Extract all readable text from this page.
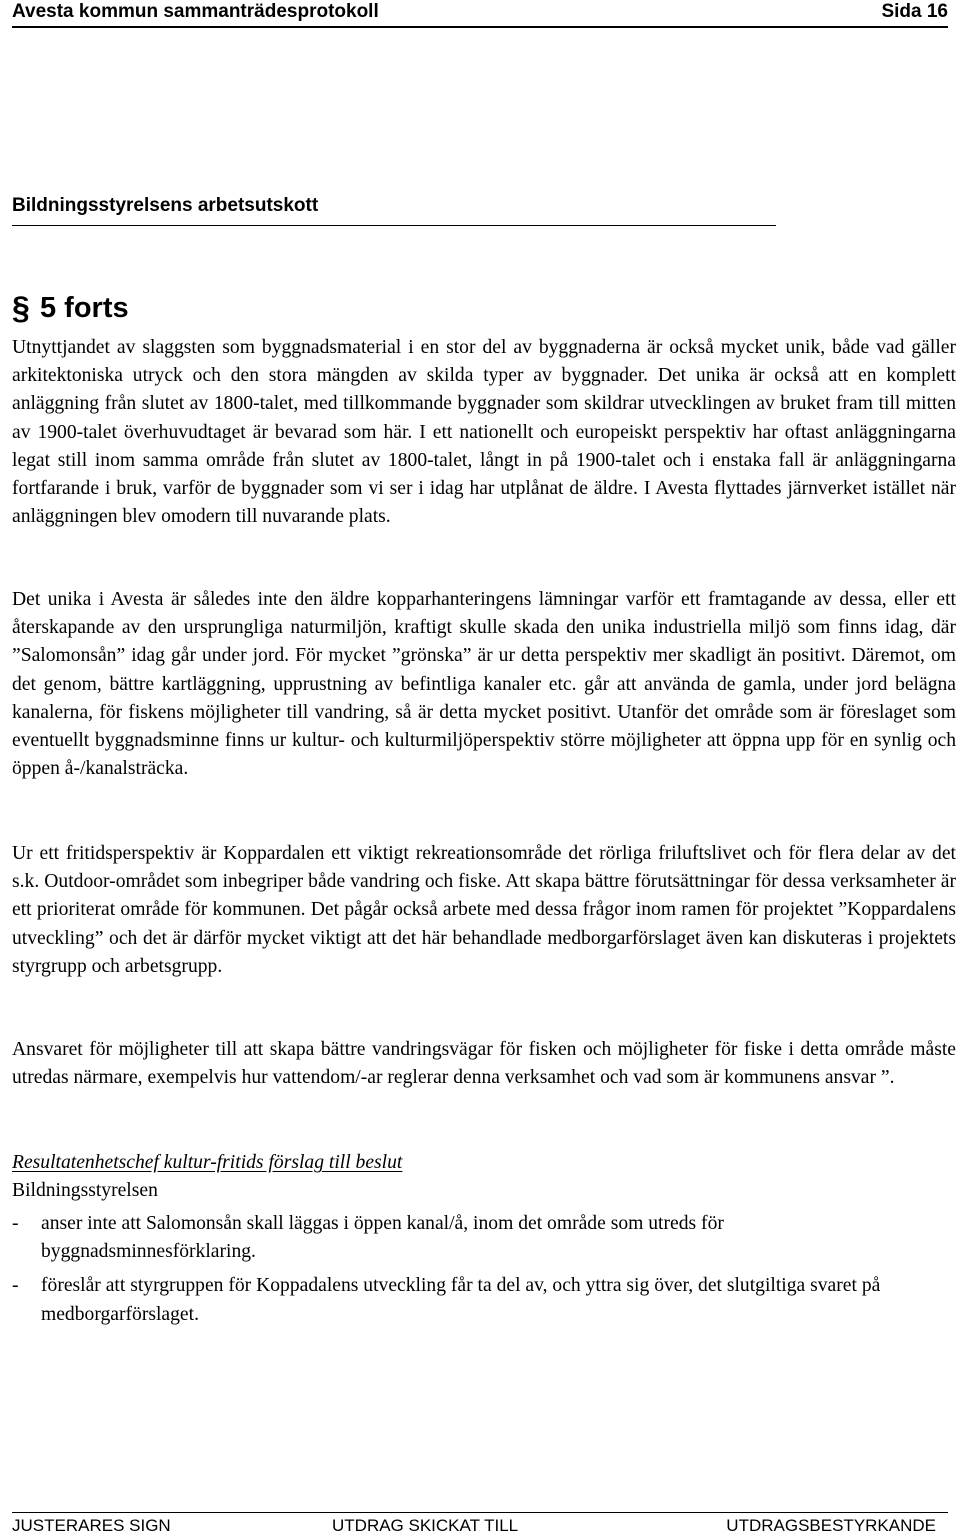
Avesta kommun sammanträdesprotokoll	Sida 16
Bildningsstyrelsens arbetsutskott
§ 5 forts

Utnyttjandet av slaggsten som byggnadsmaterial i en stor del av byggnaderna är också mycket unik, både vad gäller arkitektoniska utryck och den stora mängden av skilda typer av byggnader. Det unika är också att en komplett anläggning från slutet av 1800-talet, med tillkommande byggnader som skildrar utvecklingen av bruket fram till mitten av 1900-talet överhuvudtaget är bevarad som här. I ett nationellt och europeiskt perspektiv har oftast anläggningarna legat still inom samma område från slutet av 1800-talet, långt in på 1900-talet och i enstaka fall är anläggningarna fortfarande i bruk, varför de byggnader som vi ser i idag har utplånat de äldre. I Avesta flyttades järnverket istället när anläggningen blev omodern till nuvarande plats.

Det unika i Avesta är således inte den äldre kopparhanteringens lämningar varför ett framtagande av dessa, eller ett återskapande av den ursprungliga naturmiljön, kraftigt skulle skada den unika industriella miljö som finns idag, där ”Salomonsån” idag går under jord. För mycket ”grönska” är ur detta perspektiv mer skadligt än positivt. Däremot, om det genom, bättre kartläggning, upprustning av befintliga kanaler etc. går att använda de gamla, under jord belägna kanalerna, för fiskens möjligheter till vandring, så är detta mycket positivt. Utanför det område som är föreslaget som eventuellt byggnadsminne finns ur kultur- och kulturmiljöperspektiv större möjligheter att öppna upp för en synlig och öppen å-/kanalsträcka.

Ur ett fritidsperspektiv är Koppardalen ett viktigt rekreationsområde det rörliga friluftslivet och för flera delar av det s.k. Outdoor-området som inbegriper både vandring och fiske. Att skapa bättre förutsättningar för dessa verksamheter är ett prioriterat område för kommunen. Det pågår också arbete med dessa frågor inom ramen för projektet ”Koppardalens utveckling” och det är därför mycket viktigt att det här behandlade medborgarförslaget även kan diskuteras i projektets styrgrupp och arbetsgrupp.

Ansvaret för möjligheter till att skapa bättre vandringsvägar för fisken och möjligheter för fiske i detta område måste utredas närmare, exempelvis hur vattendom/-ar reglerar denna verksamhet och vad som är kommunens ansvar ”.

Resultatenhetschef kultur-fritids förslag till beslut
Bildningsstyrelsen
- anser inte att Salomonsån skall läggas i öppen kanal/å, inom det område som utreds för byggnadsminnesförklaring.
- föreslår att styrgruppen för Koppadalens utveckling får ta del av, och yttra sig över, det slutgiltiga svaret på medborgarförslaget.
JUSTERARES SIGN	UTDRAG SKICKAT TILL	UTDRAGSBESTYRKANDE
